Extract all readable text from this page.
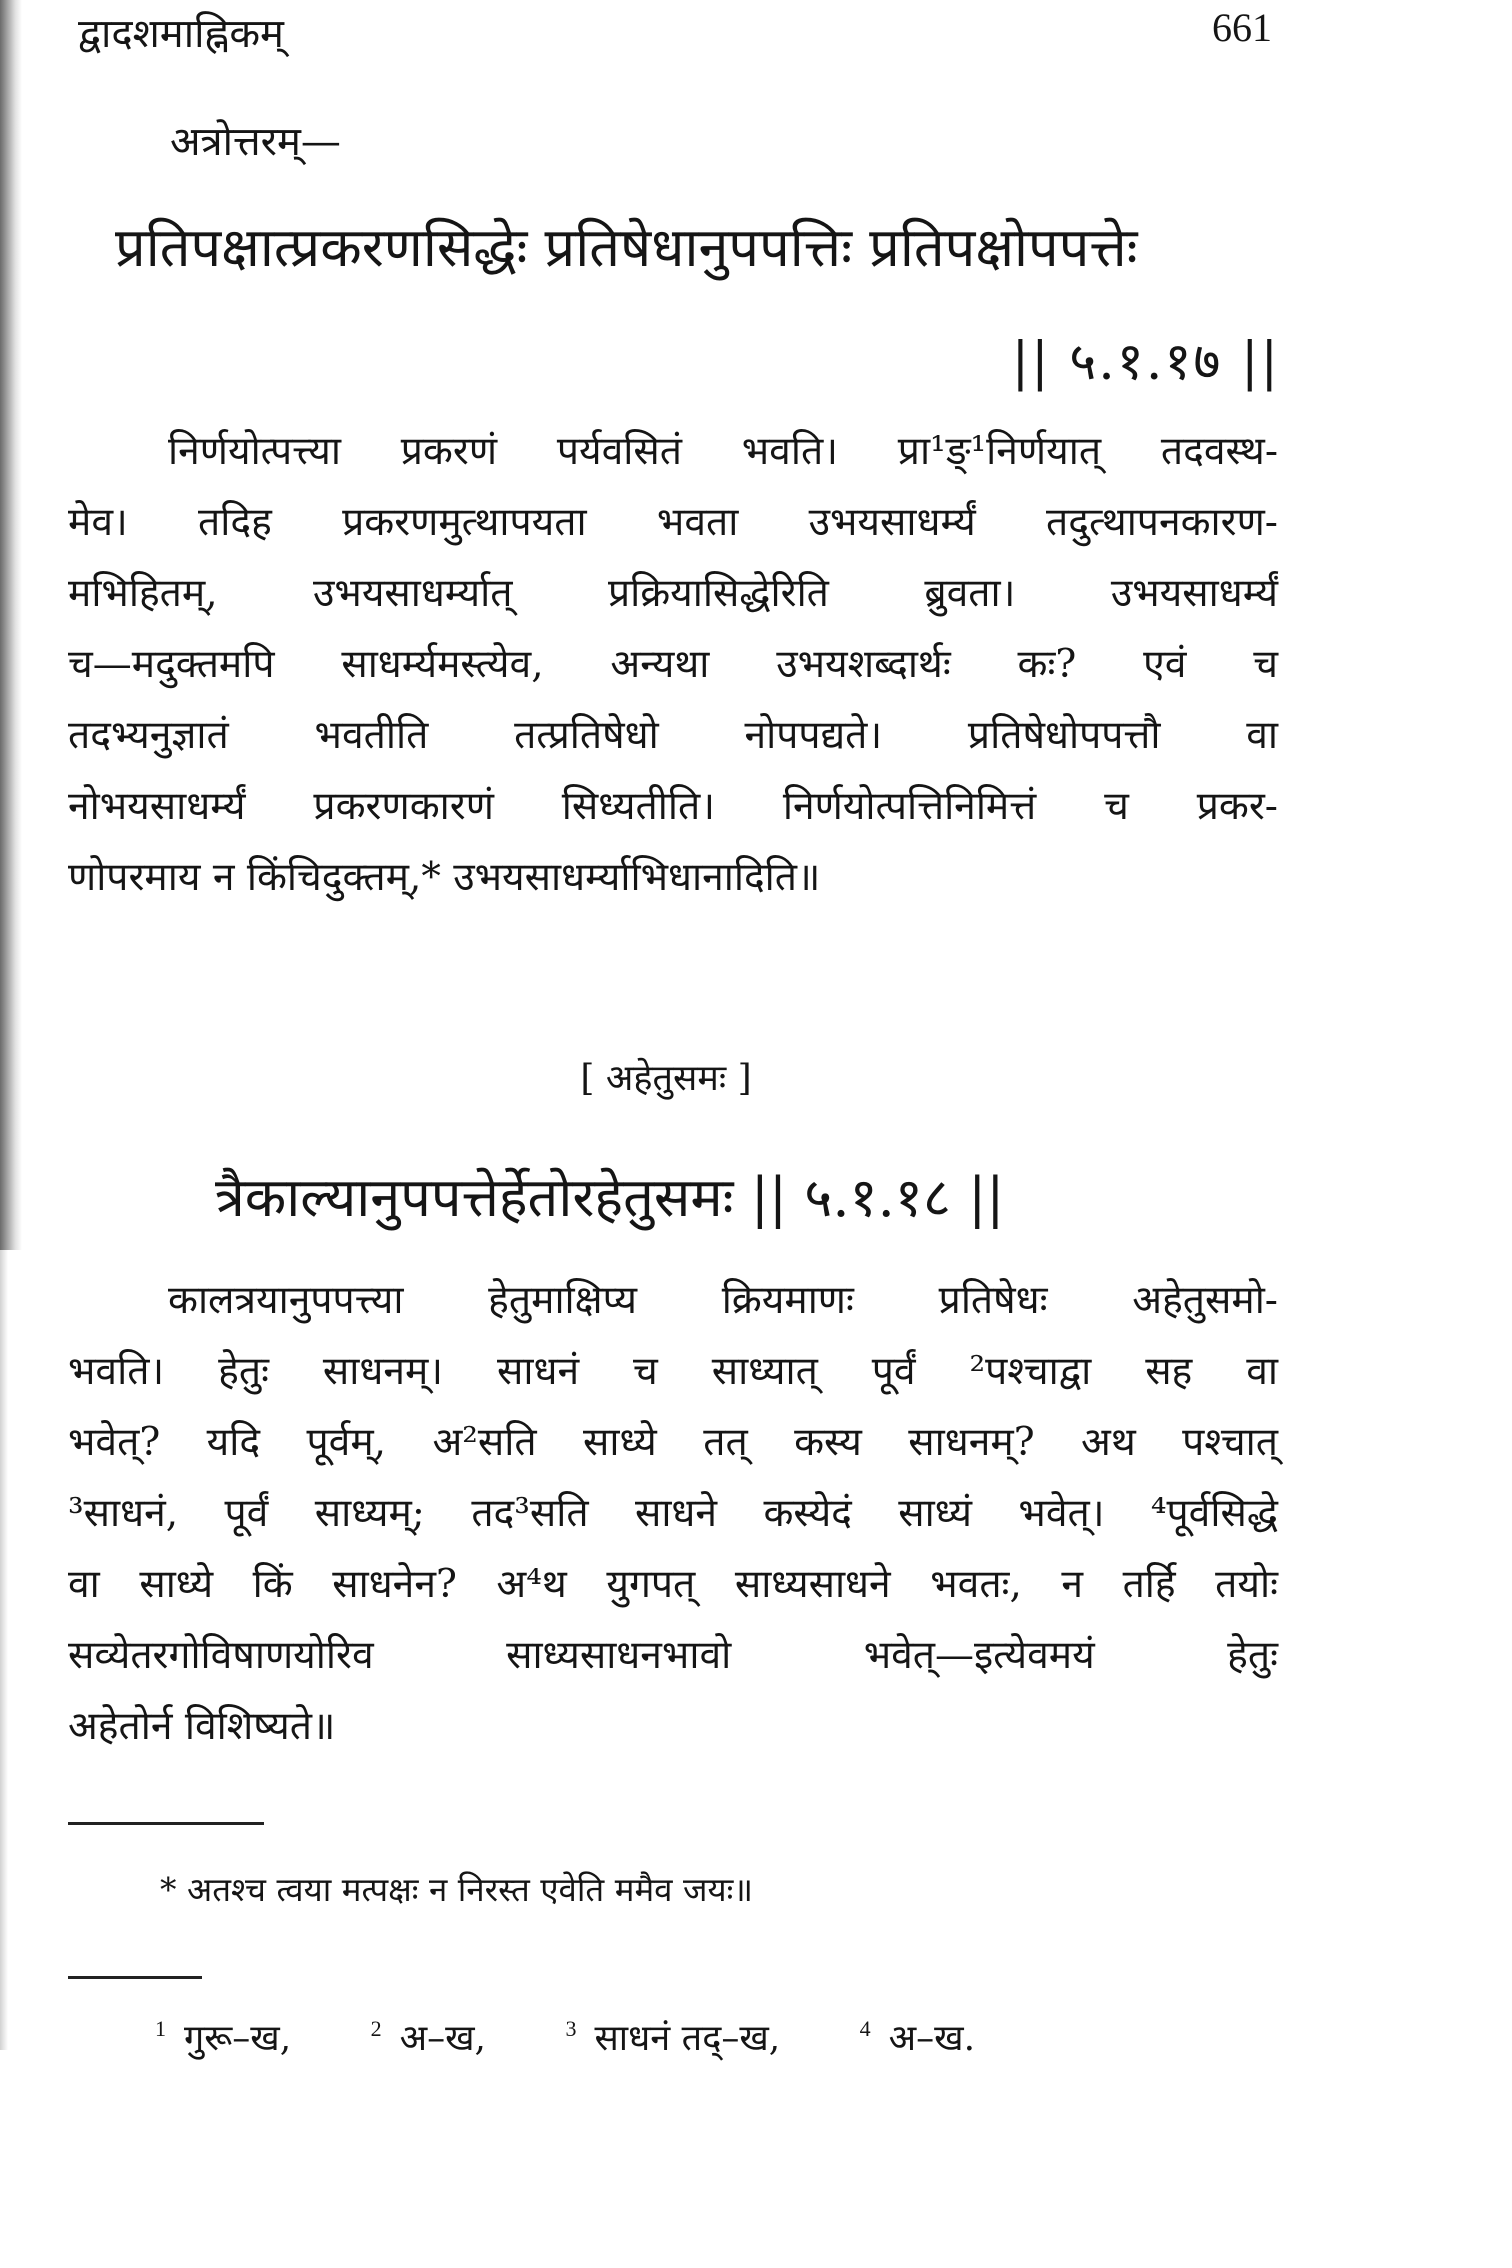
द्वादशमाह्निकम्	661
अत्रोत्तरम्—
प्रतिपक्षात्प्रकरणसिद्धेः प्रतिषेधानुपपत्तिः प्रतिपक्षोपपत्तेः
|| ५.१.१७ ||
निर्णयोत्पत्त्या प्रकरणं पर्यवसितं भवति। प्रा¹ङ्¹निर्णयात् तदवस्थ-
मेव। तदिह प्रकरणमुत्थापयता भवता उभयसाधर्म्यं तदुत्थापनकारण-
मभिहितम्, उभयसाधर्म्यात् प्रक्रियासिद्धेरिति ब्रुवता। उभयसाधर्म्यं
च—मदुक्तमपि साधर्म्यमस्त्येव, अन्यथा उभयशब्दार्थः कः? एवं च
तदभ्यनुज्ञातं भवतीति तत्प्रतिषेधो नोपपद्यते। प्रतिषेधोपपत्तौ वा
नोभयसाधर्म्यं प्रकरणकारणं सिध्यतीति। निर्णयोत्पत्तिनिमित्तं च प्रकर-
णोपरमाय न किंचिदुक्तम्,* उभयसाधर्म्याभिधानादिति॥
[ अहेतुसमः ]
त्रैकाल्यानुपपत्तेर्हेतोरहेतुसमः || ५.१.१८ ||
कालत्रयानुपपत्त्या हेतुमाक्षिप्य क्रियमाणः प्रतिषेधः अहेतुसमो-
भवति। हेतुः साधनम्। साधनं च साध्यात् पूर्वं ²पश्चाद्वा सह वा
भवेत्? यदि पूर्वम्, अ²सति साध्ये तत् कस्य साधनम्? अथ पश्चात्
³साधनं, पूर्वं साध्यम्; तद³सति साधने कस्येदं साध्यं भवेत्। ⁴पूर्वसिद्धे
वा साध्ये किं साधनेन? अ⁴थ युगपत् साध्यसाधने भवतः, न तर्हि तयोः
सव्येतरगोविषाणयोरिव साध्यसाधनभावो भवेत्—इत्येवमयं हेतुः
अहेतोर्न विशिष्यते॥
* अतश्च त्वया मत्पक्षः न निरस्त एवेति ममैव जयः॥
$^1$ गुरू–ख,	$^2$ अ–ख,	$^3$ साधनं तद्–ख,	$^4$ अ–ख.
